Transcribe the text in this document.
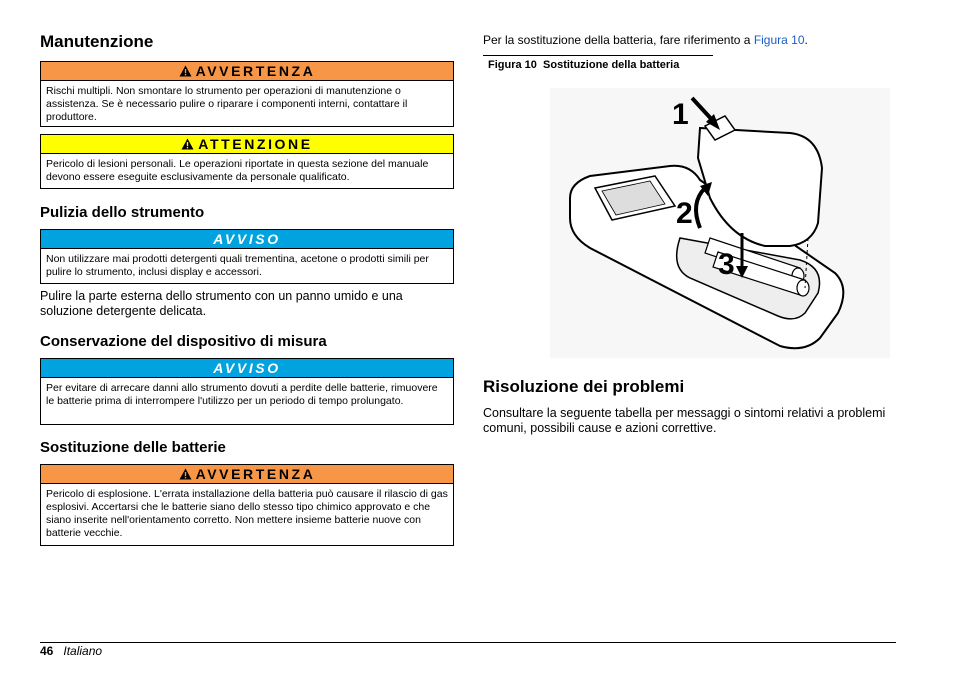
Manutenzione
AVVERTENZA
Rischi multipli. Non smontare lo strumento per operazioni di manutenzione o assistenza. Se è necessario pulire o riparare i componenti interni, contattare il produttore.
ATTENZIONE
Pericolo di lesioni personali. Le operazioni riportate in questa sezione del manuale devono essere eseguite esclusivamente da personale qualificato.
Pulizia dello strumento
AVVISO
Non utilizzare mai prodotti detergenti quali trementina, acetone o prodotti simili per pulire lo strumento, inclusi display e accessori.
Pulire la parte esterna dello strumento con un panno umido e una soluzione detergente delicata.
Conservazione del dispositivo di misura
AVVISO
Per evitare di arrecare danni allo strumento dovuti a perdite delle batterie, rimuovere le batterie prima di interrompere l'utilizzo per un periodo di tempo prolungato.
Sostituzione delle batterie
AVVERTENZA
Pericolo di esplosione. L'errata installazione della batteria può causare il rilascio di gas esplosivi. Accertarsi che le batterie siano dello stesso tipo chimico approvato e che siano inserite nell'orientamento corretto. Non mettere insieme batterie nuove con batterie vecchie.
Per la sostituzione della batteria, fare riferimento a Figura 10.
Figura 10  Sostituzione della batteria
1
2
3
Risoluzione dei problemi
Consultare la seguente tabella per messaggi o sintomi relativi a problemi comuni, possibili cause e azioni correttive.
46 Italiano
